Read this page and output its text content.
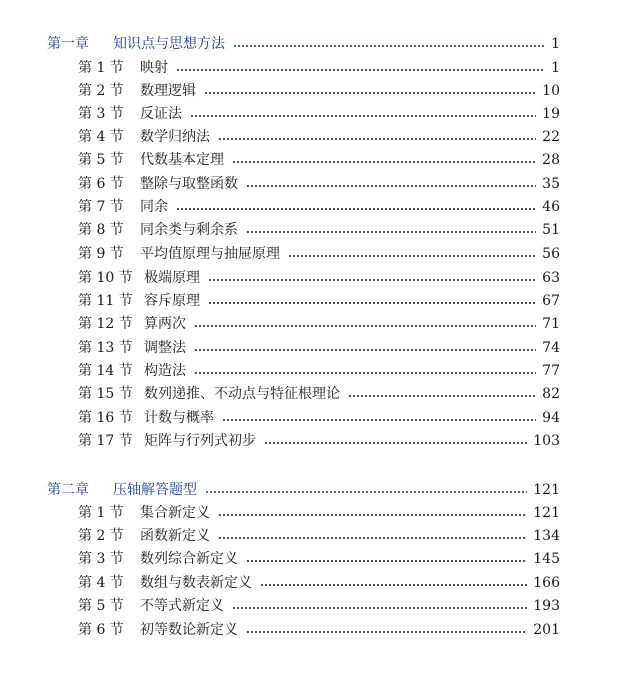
第一章	知识点与思想方法	1
第 1 节	映射	1
第 2 节	数理逻辑	10
第 3 节	反证法	19
第 4 节	数学归纳法	22
第 5 节	代数基本定理	28
第 6 节	整除与取整函数	35
第 7 节	同余	46
第 8 节	同余类与剩余系	51
第 9 节	平均值原理与抽屉原理	56
第 10 节 极端原理	63
第 11 节 容斥原理	67
第 12 节 算两次	71
第 13 节 调整法	74
第 14 节 构造法	77
第 15 节 数列递推、不动点与特征根理论	82
第 16 节 计数与概率	94
第 17 节 矩阵与行列式初步	103
第二章	压轴解答题型	121
第 1 节	集合新定义	121
第 2 节	函数新定义	134
第 3 节	数列综合新定义	145
第 4 节	数组与数表新定义	166
第 5 节	不等式新定义	193
第 6 节	初等数论新定义	201
